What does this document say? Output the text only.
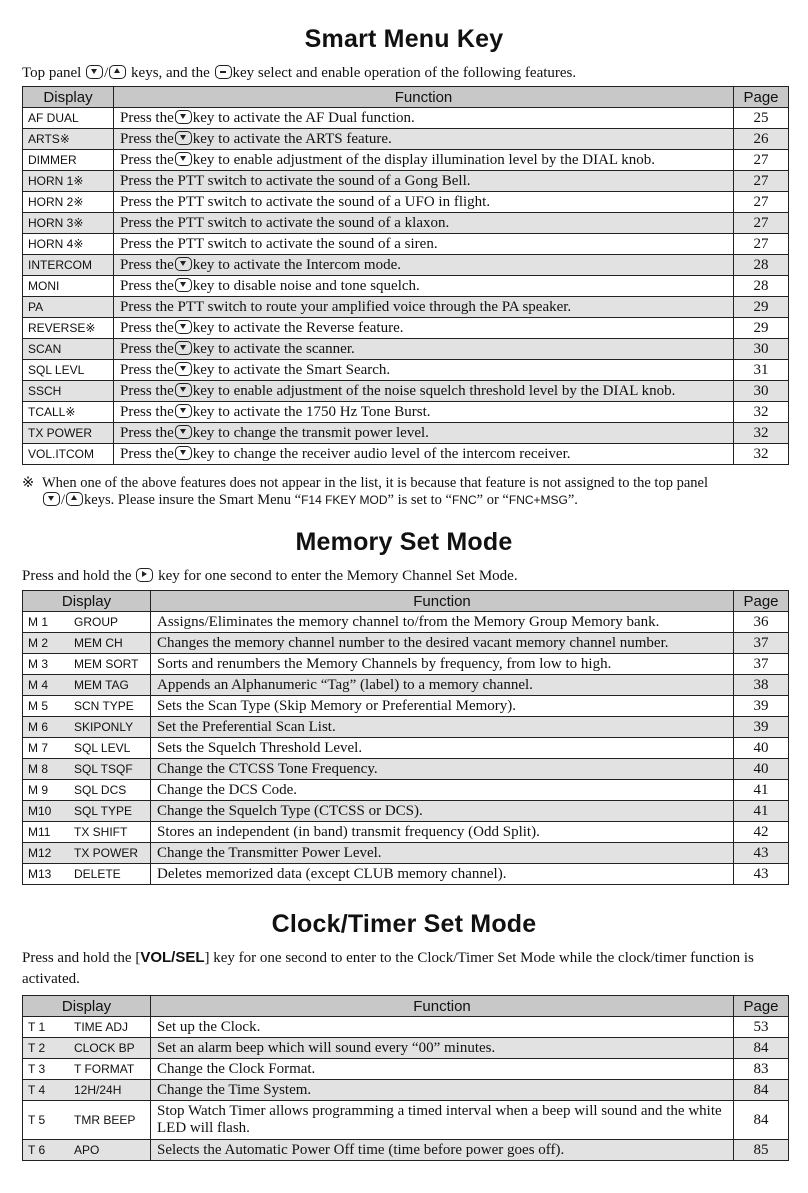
Smart Menu Key

Top panel / keys, and the key select and enable operation of the following features.

Display	Function	Page
AF DUAL	Press the key to activate the AF Dual function.	25
ARTS※	Press the key to activate the ARTS feature.	26
DIMMER	Press the key to enable adjustment of the display illumination level by the DIAL knob.	27
HORN 1※	Press the PTT switch to activate the sound of a Gong Bell.	27
HORN 2※	Press the PTT switch to activate the sound of a UFO in flight.	27
HORN 3※	Press the PTT switch to activate the sound of a klaxon.	27
HORN 4※	Press the PTT switch to activate the sound of a siren.	27
INTERCOM	Press the key to activate the Intercom mode.	28
MONI	Press the key to disable noise and tone squelch.	28
PA	Press the PTT switch to route your amplified voice through the PA speaker.	29
REVERSE※	Press the key to activate the Reverse feature.	29
SCAN	Press the key to activate the scanner.	30
SQL LEVL	Press the key to activate the Smart Search.	31
SSCH	Press the key to enable adjustment of the noise squelch threshold level by the DIAL knob.	30
TCALL※	Press the key to activate the 1750 Hz Tone Burst.	32
TX POWER	Press the key to change the transmit power level.	32
VOL.ITCOM	Press the key to change the receiver audio level of the intercom receiver.	32
※ When one of the above features does not appear in the list, it is because that feature is not assigned to the top panel
/ keys. Please insure the Smart Menu “F14 FKEY MOD” is set to “FNC” or “FNC+MSG”.
Memory Set Mode

Press and hold the key for one second to enter the Memory Channel Set Mode.

Display	Function	Page
M 1 GROUP	Assigns/Eliminates the memory channel to/from the Memory Group Memory bank.	36
M 2 MEM CH	Changes the memory channel number to the desired vacant memory channel number.	37
M 3 MEM SORT	Sorts and renumbers the Memory Channels by frequency, from low to high.	37
M 4 MEM TAG	Appends an Alphanumeric “Tag” (label) to a memory channel.	38
M 5 SCN TYPE	Sets the Scan Type (Skip Memory or Preferential Memory).	39
M 6 SKIPONLY	Set the Preferential Scan List.	39
M 7 SQL LEVL	Sets the Squelch Threshold Level.	40
M 8 SQL TSQF	Change the CTCSS Tone Frequency.	40
M 9 SQL DCS	Change the DCS Code.	41
M10 SQL TYPE	Change the Squelch Type (CTCSS or DCS).	41
M11 TX SHIFT	Stores an independent (in band) transmit frequency (Odd Split).	42
M12 TX POWER	Change the Transmitter Power Level.	43
M13 DELETE	Deletes memorized data (except CLUB memory channel).	43
Clock/Timer Set Mode

Press and hold the [VOL/SEL] key for one second to enter to the Clock/Timer Set Mode while the clock/timer function is activated.

Display	Function	Page
T 1 TIME ADJ	Set up the Clock.	53
T 2 CLOCK BP	Set an alarm beep which will sound every “00” minutes.	84
T 3 T FORMAT	Change the Clock Format.	83
T 4 12H/24H	Change the Time System.	84
T 5 TMR BEEP	Stop Watch Timer allows programming a timed interval when a beep will sound and the white LED will flash.	84
T 6 APO	Selects the Automatic Power Off time (time before power goes off).	85
